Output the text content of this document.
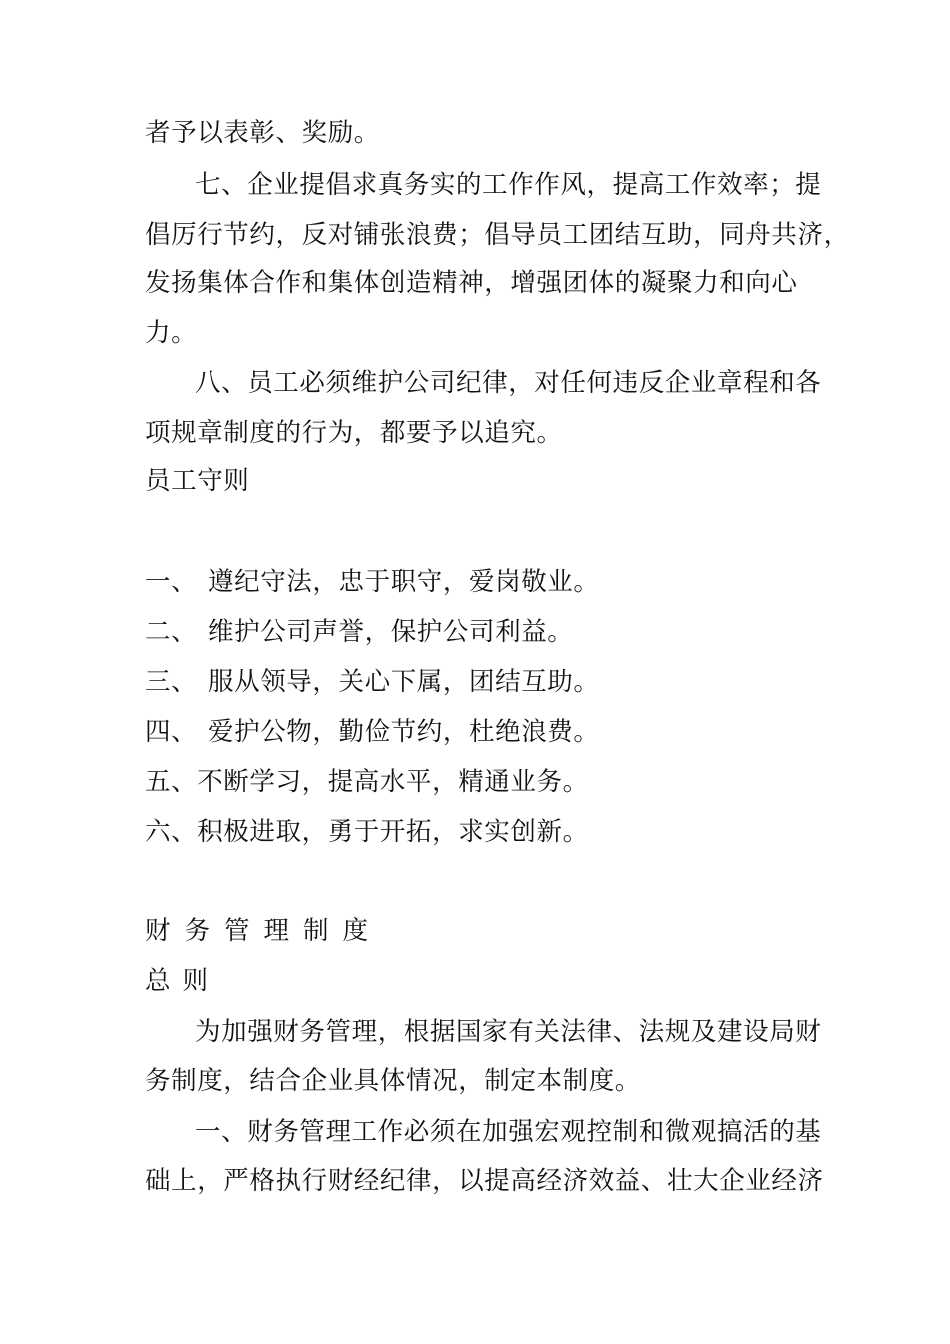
者予以表彰、奖励。
七、企业提倡求真务实的工作作风，提高工作效率；提
倡厉行节约，反对铺张浪费；倡导员工团结互助，同舟共济，
发扬集体合作和集体创造精神，增强团体的凝聚力和向心
力。
八、员工必须维护公司纪律，对任何违反企业章程和各
项规章制度的行为，都要予以追究。
员工守则
一、 遵纪守法，忠于职守，爱岗敬业。
二、 维护公司声誉，保护公司利益。
三、 服从领导，关心下属，团结互助。
四、 爱护公物，勤俭节约，杜绝浪费。
五、不断学习，提高水平，精通业务。
六、积极进取，勇于开拓，求实创新。
财务管理制度
总则
为加强财务管理，根据国家有关法律、法规及建设局财
务制度，结合企业具体情况，制定本制度。
一、财务管理工作必须在加强宏观控制和微观搞活的基
础上，严格执行财经纪律，以提高经济效益、壮大企业经济
